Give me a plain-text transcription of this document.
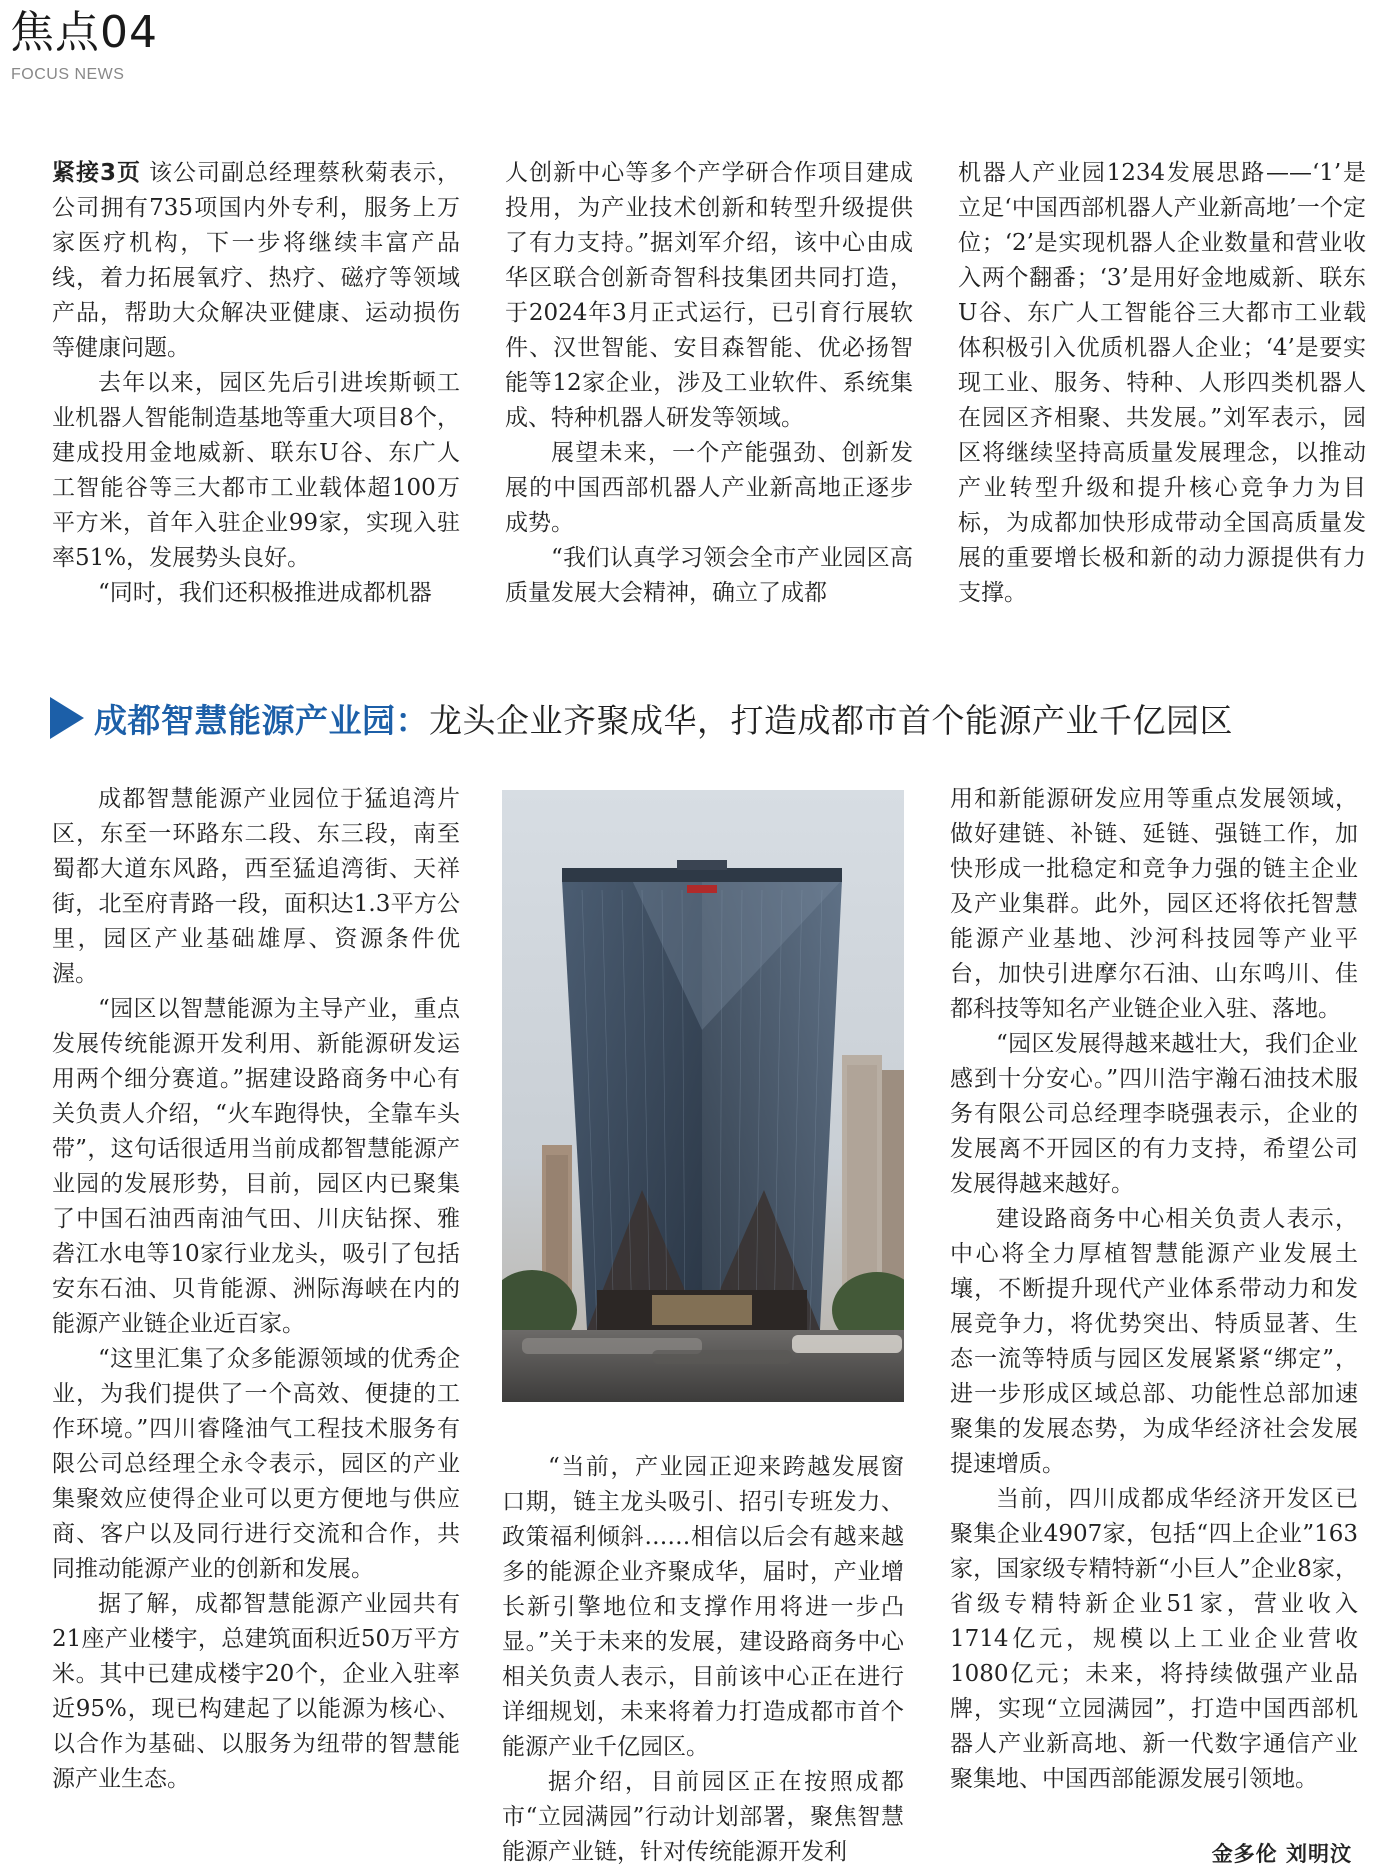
焦点04
FOCUS NEWS

紧接3页 该公司副总经理蔡秋菊表示，公司拥有735项国内外专利，服务上万家医疗机构，下一步将继续丰富产品线，着力拓展氧疗、热疗、磁疗等领域产品，帮助大众解决亚健康、运动损伤等健康问题。

去年以来，园区先后引进埃斯顿工业机器人智能制造基地等重大项目8个，建成投用金地威新、联东U谷、东广人工智能谷等三大都市工业载体超100万平方米，首年入驻企业99家，实现入驻率51%，发展势头良好。

“同时，我们还积极推进成都机器

人创新中心等多个产学研合作项目建成投用，为产业技术创新和转型升级提供了有力支持。”据刘军介绍，该中心由成华区联合创新奇智科技集团共同打造，于2024年3月正式运行，已引育行展软件、汉世智能、安目森智能、优必扬智能等12家企业，涉及工业软件、系统集成、特种机器人研发等领域。

展望未来，一个产能强劲、创新发展的中国西部机器人产业新高地正逐步成势。

“我们认真学习领会全市产业园区高质量发展大会精神，确立了成都

机器人产业园1234发展思路——‘1’是立足‘中国西部机器人产业新高地’一个定位；‘2’是实现机器人企业数量和营业收入两个翻番；‘3’是用好金地威新、联东U谷、东广人工智能谷三大都市工业载体积极引入优质机器人企业；‘4’是要实现工业、服务、特种、人形四类机器人在园区齐相聚、共发展。”刘军表示，园区将继续坚持高质量发展理念，以推动产业转型升级和提升核心竞争力为目标，为成都加快形成带动全国高质量发展的重要增长极和新的动力源提供有力支撑。

成都智慧能源产业园： 龙头企业齐聚成华，打造成都市首个能源产业千亿园区

成都智慧能源产业园位于猛追湾片区，东至一环路东二段、东三段，南至蜀都大道东风路，西至猛追湾街、天祥街，北至府青路一段，面积达1.3平方公里，园区产业基础雄厚、资源条件优渥。

“园区以智慧能源为主导产业，重点发展传统能源开发利用、新能源研发运用两个细分赛道。”据建设路商务中心有关负责人介绍，“火车跑得快，全靠车头带”，这句话很适用当前成都智慧能源产业园的发展形势，目前，园区内已聚集了中国石油西南油气田、川庆钻探、雅砻江水电等10家行业龙头，吸引了包括安东石油、贝肯能源、洲际海峡在内的能源产业链企业近百家。

“这里汇集了众多能源领域的优秀企业，为我们提供了一个高效、便捷的工作环境。”四川睿隆油气工程技术服务有限公司总经理仝永令表示，园区的产业集聚效应使得企业可以更方便地与供应商、客户以及同行进行交流和合作，共同推动能源产业的创新和发展。

据了解，成都智慧能源产业园共有21座产业楼宇，总建筑面积近50万平方米。其中已建成楼宇20个，企业入驻率近95%，现已构建起了以能源为核心、以合作为基础、以服务为纽带的智慧能源产业生态。

“当前，产业园正迎来跨越发展窗口期，链主龙头吸引、招引专班发力、政策福利倾斜……相信以后会有越来越多的能源企业齐聚成华，届时，产业增长新引擎地位和支撑作用将进一步凸显。”关于未来的发展，建设路商务中心相关负责人表示，目前该中心正在进行详细规划，未来将着力打造成都市首个能源产业千亿园区。

据介绍，目前园区正在按照成都市“立园满园”行动计划部署，聚焦智慧能源产业链，针对传统能源开发利

用和新能源研发应用等重点发展领域，做好建链、补链、延链、强链工作，加快形成一批稳定和竞争力强的链主企业及产业集群。此外，园区还将依托智慧能源产业基地、沙河科技园等产业平台，加快引进摩尔石油、山东鸣川、佳都科技等知名产业链企业入驻、落地。

“园区发展得越来越壮大，我们企业感到十分安心。”四川浩宇瀚石油技术服务有限公司总经理李晓强表示，企业的发展离不开园区的有力支持，希望公司发展得越来越好。

建设路商务中心相关负责人表示，中心将全力厚植智慧能源产业发展土壤，不断提升现代产业体系带动力和发展竞争力，将优势突出、特质显著、生态一流等特质与园区发展紧紧“绑定”，进一步形成区域总部、功能性总部加速聚集的发展态势，为成华经济社会发展提速增质。

当前，四川成都成华经济开发区已聚集企业4907家，包括“四上企业”163家，国家级专精特新“小巨人”企业8家，省级专精特新企业51家，营业收入1714亿元，规模以上工业企业营收1080亿元；未来，将持续做强产业品牌，实现“立园满园”，打造中国西部机器人产业新高地、新一代数字通信产业聚集地、中国西部能源发展引领地。

金多伦 刘明汶
